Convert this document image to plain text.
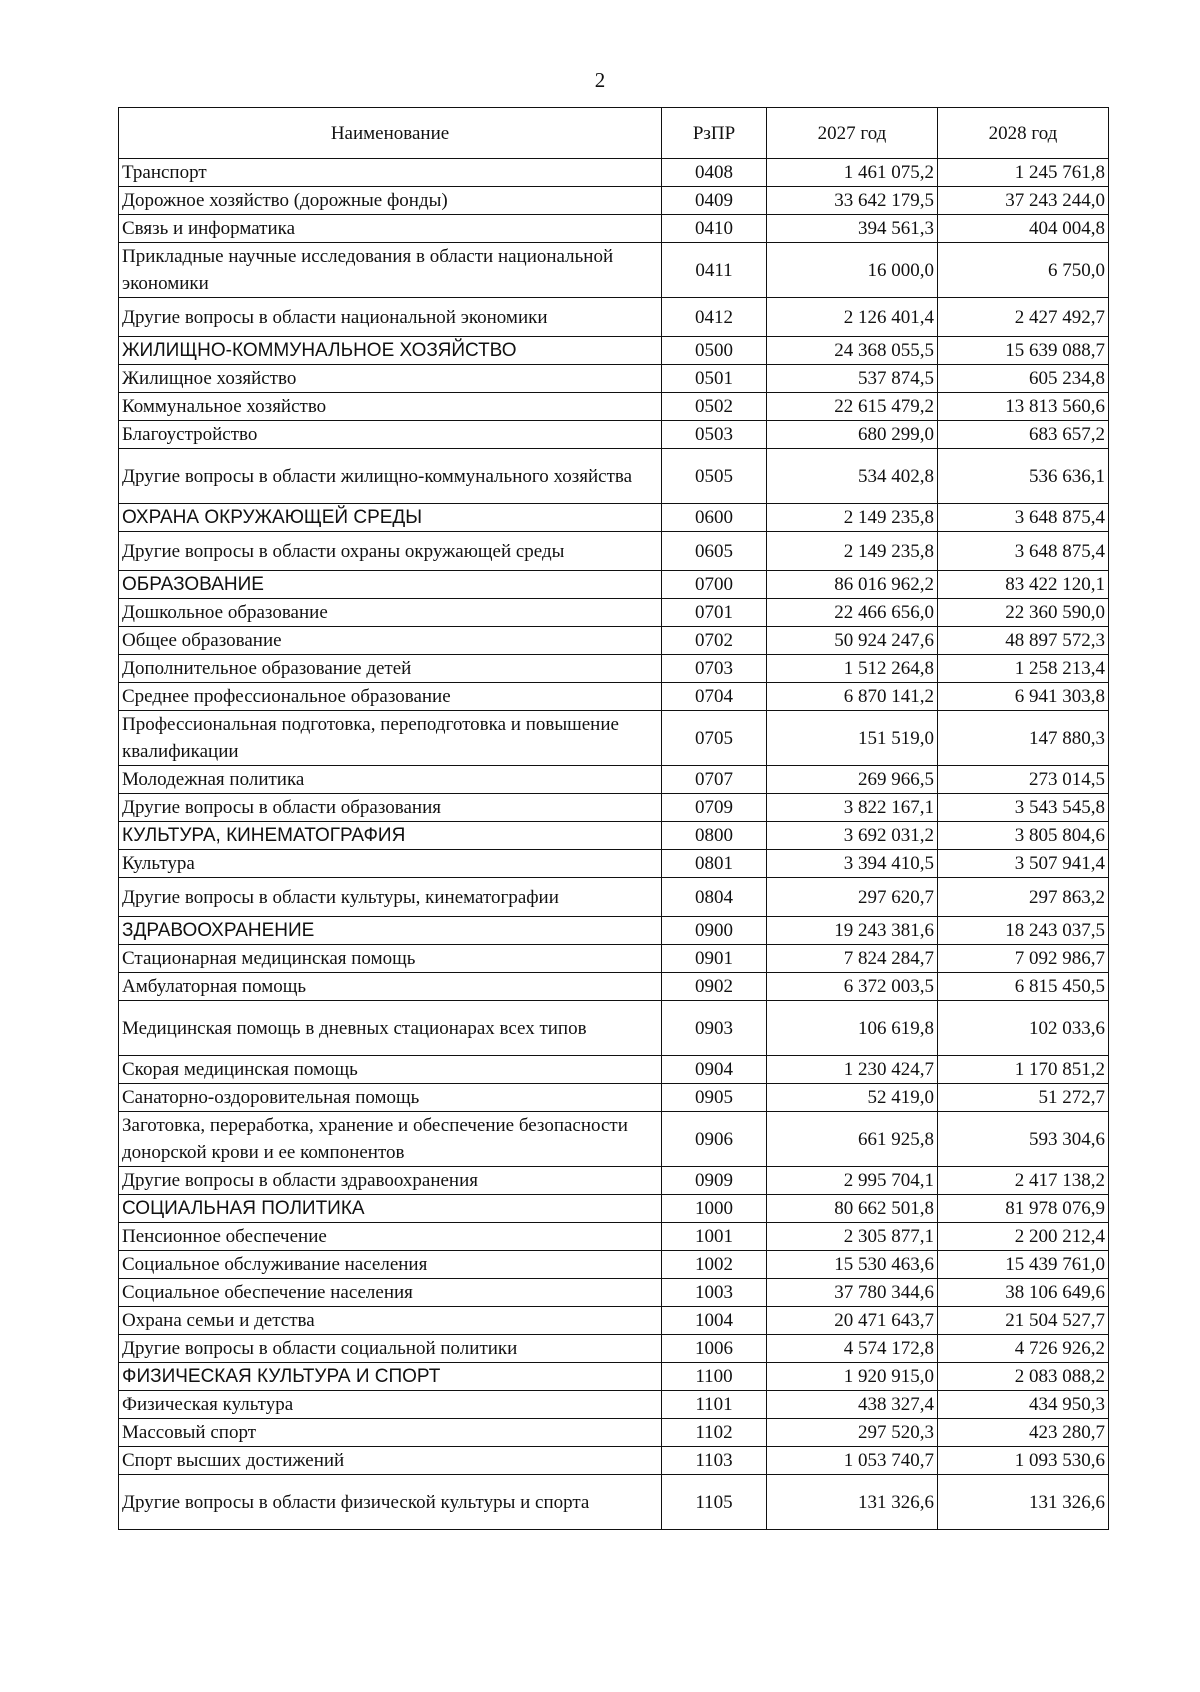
2
Наименование	РзПР	2027 год	2028 год
Транспорт	0408	1 461 075,2	1 245 761,8
Дорожное хозяйство (дорожные фонды)	0409	33 642 179,5	37 243 244,0
Связь и информатика	0410	394 561,3	404 004,8
Прикладные научные исследования в области национальной экономики	0411	16 000,0	6 750,0
Другие вопросы в области национальной экономики	0412	2 126 401,4	2 427 492,7
ЖИЛИЩНО-КОММУНАЛЬНОЕ ХОЗЯЙСТВО	0500	24 368 055,5	15 639 088,7
Жилищное хозяйство	0501	537 874,5	605 234,8
Коммунальное хозяйство	0502	22 615 479,2	13 813 560,6
Благоустройство	0503	680 299,0	683 657,2
Другие вопросы в области жилищно-коммунального хозяйства	0505	534 402,8	536 636,1
ОХРАНА ОКРУЖАЮЩЕЙ СРЕДЫ	0600	2 149 235,8	3 648 875,4
Другие вопросы в области охраны окружающей среды	0605	2 149 235,8	3 648 875,4
ОБРАЗОВАНИЕ	0700	86 016 962,2	83 422 120,1
Дошкольное образование	0701	22 466 656,0	22 360 590,0
Общее образование	0702	50 924 247,6	48 897 572,3
Дополнительное образование детей	0703	1 512 264,8	1 258 213,4
Среднее профессиональное образование	0704	6 870 141,2	6 941 303,8
Профессиональная подготовка, переподготовка и повышение квалификации	0705	151 519,0	147 880,3
Молодежная политика	0707	269 966,5	273 014,5
Другие вопросы в области образования	0709	3 822 167,1	3 543 545,8
КУЛЬТУРА, КИНЕМАТОГРАФИЯ	0800	3 692 031,2	3 805 804,6
Культура	0801	3 394 410,5	3 507 941,4
Другие вопросы в области культуры, кинематографии	0804	297 620,7	297 863,2
ЗДРАВООХРАНЕНИЕ	0900	19 243 381,6	18 243 037,5
Стационарная медицинская помощь	0901	7 824 284,7	7 092 986,7
Амбулаторная помощь	0902	6 372 003,5	6 815 450,5
Медицинская помощь в дневных стационарах всех типов	0903	106 619,8	102 033,6
Скорая медицинская помощь	0904	1 230 424,7	1 170 851,2
Санаторно-оздоровительная помощь	0905	52 419,0	51 272,7
Заготовка, переработка, хранение и обеспечение безопасности донорской крови и ее компонентов	0906	661 925,8	593 304,6
Другие вопросы в области здравоохранения	0909	2 995 704,1	2 417 138,2
СОЦИАЛЬНАЯ ПОЛИТИКА	1000	80 662 501,8	81 978 076,9
Пенсионное обеспечение	1001	2 305 877,1	2 200 212,4
Социальное обслуживание населения	1002	15 530 463,6	15 439 761,0
Социальное обеспечение населения	1003	37 780 344,6	38 106 649,6
Охрана семьи и детства	1004	20 471 643,7	21 504 527,7
Другие вопросы в области социальной политики	1006	4 574 172,8	4 726 926,2
ФИЗИЧЕСКАЯ КУЛЬТУРА И СПОРТ	1100	1 920 915,0	2 083 088,2
Физическая культура	1101	438 327,4	434 950,3
Массовый спорт	1102	297 520,3	423 280,7
Спорт высших достижений	1103	1 053 740,7	1 093 530,6
Другие вопросы в области физической культуры и спорта	1105	131 326,6	131 326,6
